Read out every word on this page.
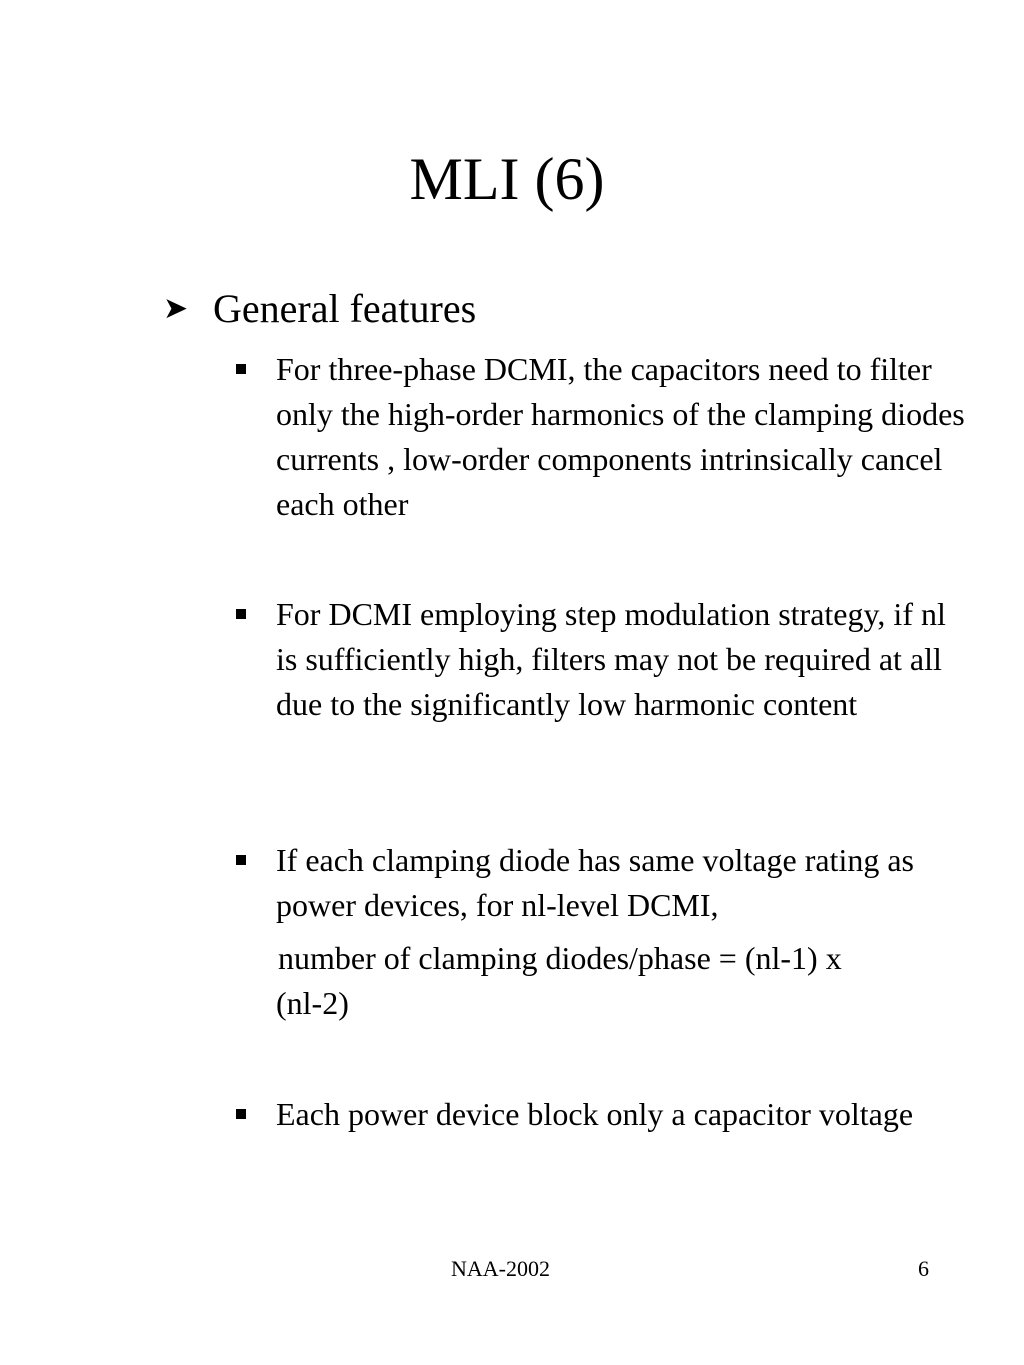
MLI (6)
➤ General features
For three-phase DCMI, the capacitors need to filter only the high-order harmonics of the clamping diodes currents , low-order components intrinsically cancel each other
For DCMI employing step modulation strategy, if nl is sufficiently high, filters may not be required at all due to the significantly low harmonic content
If each clamping diode has same voltage rating as power devices, for nl-level DCMI,
number of clamping diodes/phase = (nl-1) x
(nl-2)
Each power device block only a capacitor voltage
NAA-2002	6
